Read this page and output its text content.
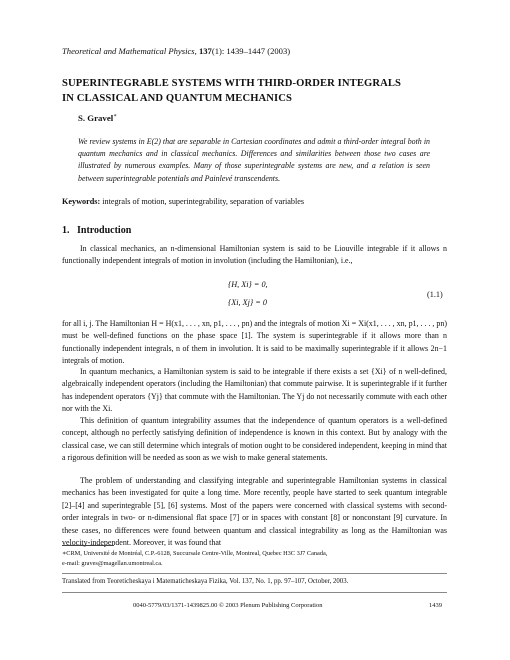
Theoretical and Mathematical Physics, 137(1): 1439–1447 (2003)
SUPERINTEGRABLE SYSTEMS WITH THIRD-ORDER INTEGRALS
IN CLASSICAL AND QUANTUM MECHANICS
S. Gravel∗
We review systems in E(2) that are separable in Cartesian coordinates and admit a third-order integral both in quantum mechanics and in classical mechanics. Differences and similarities between those two cases are illustrated by numerous examples. Many of those superintegrable systems are new, and a relation is seen between superintegrable potentials and Painlevé transcendents.
Keywords: integrals of motion, superintegrability, separation of variables
1. Introduction
In classical mechanics, an n-dimensional Hamiltonian system is said to be Liouville integrable if it allows n functionally independent integrals of motion in involution (including the Hamiltonian), i.e.,
{H, Xi} = 0,
{Xi, Xj} = 0
(1.1)
for all i, j. The Hamiltonian H = H(x1, . . . , xn, p1, . . . , pn) and the integrals of motion Xi = Xi(x1, . . . , xn, p1, . . . , pn) must be well-defined functions on the phase space [1]. The system is superintegrable if it allows more than n functionally independent integrals, n of them in involution. It is said to be maximally superintegrable if it allows 2n−1 integrals of motion.
In quantum mechanics, a Hamiltonian system is said to be integrable if there exists a set {Xi} of n well-defined, algebraically independent operators (including the Hamiltonian) that commute pairwise. It is superintegrable if it further has independent operators {Yj} that commute with the Hamiltonian. The Yj do not necessarily commute with each other nor with the Xi.
This definition of quantum integrability assumes that the independence of quantum operators is a well-defined concept, although no perfectly satisfying definition of independence is known in this context. But by analogy with the classical case, we can still determine which integrals of motion ought to be considered independent, keeping in mind that a rigorous definition will be needed as soon as we wish to make general statements.
The problem of understanding and classifying integrable and superintegrable Hamiltonian systems in classical mechanics has been investigated for quite a long time. More recently, people have started to seek quantum integrable [2]–[4] and superintegrable [5], [6] systems. Most of the papers were concerned with classical systems with second-order integrals in two- or n-dimensional flat space [7] or in spaces with constant [8] or nonconstant [9] curvature. In these cases, no differences were found between quantum and classical integrability as long as the Hamiltonian was velocity-independent. Moreover, it was found that
∗CRM, Université de Montréal, C.P.-6128, Succursale Centre-Ville, Montreal, Quebec H3C 3J7 Canada,
e-mail: graves@magellan.umontreal.ca.
Translated from Teoreticheskaya i Matematicheskaya Fizika, Vol. 137, No. 1, pp. 97–107, October, 2003.
0040-5779/03/1371-1439825.00 © 2003 Plenum Publishing Corporation	1439
